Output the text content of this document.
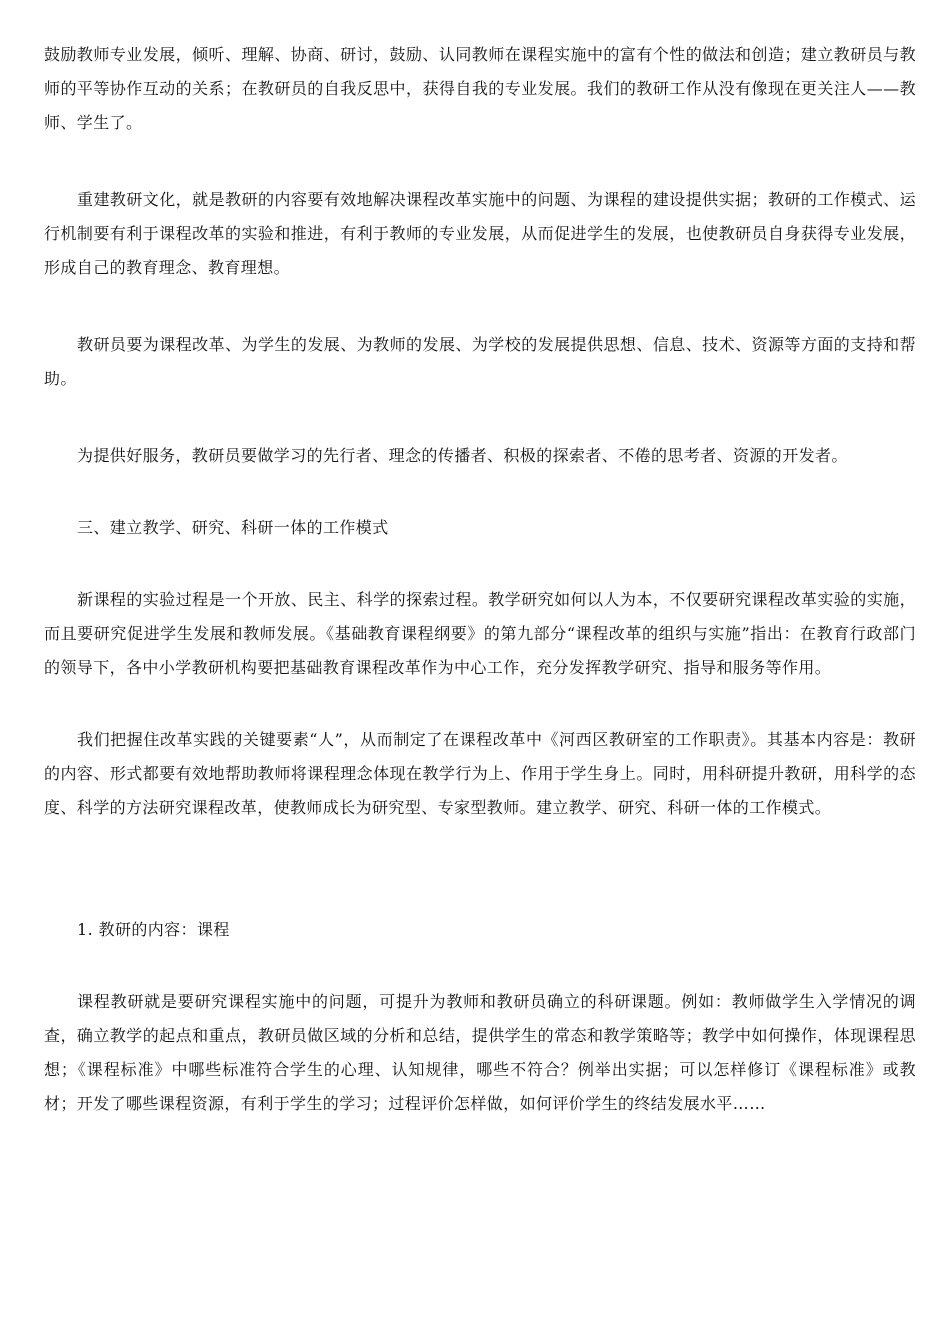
鼓励教师专业发展，倾听、理解、协商、研讨，鼓励、认同教师在课程实施中的富有个性的做法和创造；建立教研员与教师的平等协作互动的关系；在教研员的自我反思中，获得自我的专业发展。我们的教研工作从没有像现在更关注人——教师、学生了。

重建教研文化，就是教研的内容要有效地解决课程改革实施中的问题、为课程的建设提供实据；教研的工作模式、运行机制要有利于课程改革的实验和推进，有利于教师的专业发展，从而促进学生的发展，也使教研员自身获得专业发展，形成自己的教育理念、教育理想。

教研员要为课程改革、为学生的发展、为教师的发展、为学校的发展提供思想、信息、技术、资源等方面的支持和帮助。

为提供好服务，教研员要做学习的先行者、理念的传播者、积极的探索者、不倦的思考者、资源的开发者。

三、建立教学、研究、科研一体的工作模式

新课程的实验过程是一个开放、民主、科学的探索过程。教学研究如何以人为本，不仅要研究课程改革实验的实施，而且要研究促进学生发展和教师发展。《基础教育课程纲要》的第九部分“课程改革的组织与实施”指出：在教育行政部门的领导下，各中小学教研机构要把基础教育课程改革作为中心工作，充分发挥教学研究、指导和服务等作用。

我们把握住改革实践的关键要素“人”，从而制定了在课程改革中《河西区教研室的工作职责》。其基本内容是：教研的内容、形式都要有效地帮助教师将课程理念体现在教学行为上、作用于学生身上。同时，用科研提升教研，用科学的态度、科学的方法研究课程改革，使教师成长为研究型、专家型教师。建立教学、研究、科研一体的工作模式。

1. 教研的内容：课程

课程教研就是要研究课程实施中的问题，可提升为教师和教研员确立的科研课题。例如：教师做学生入学情况的调查，确立教学的起点和重点，教研员做区域的分析和总结，提供学生的常态和教学策略等；教学中如何操作，体现课程思想；《课程标准》中哪些标准符合学生的心理、认知规律，哪些不符合？例举出实据；可以怎样修订《课程标准》或教材；开发了哪些课程资源，有利于学生的学习；过程评价怎样做，如何评价学生的终结发展水平……
